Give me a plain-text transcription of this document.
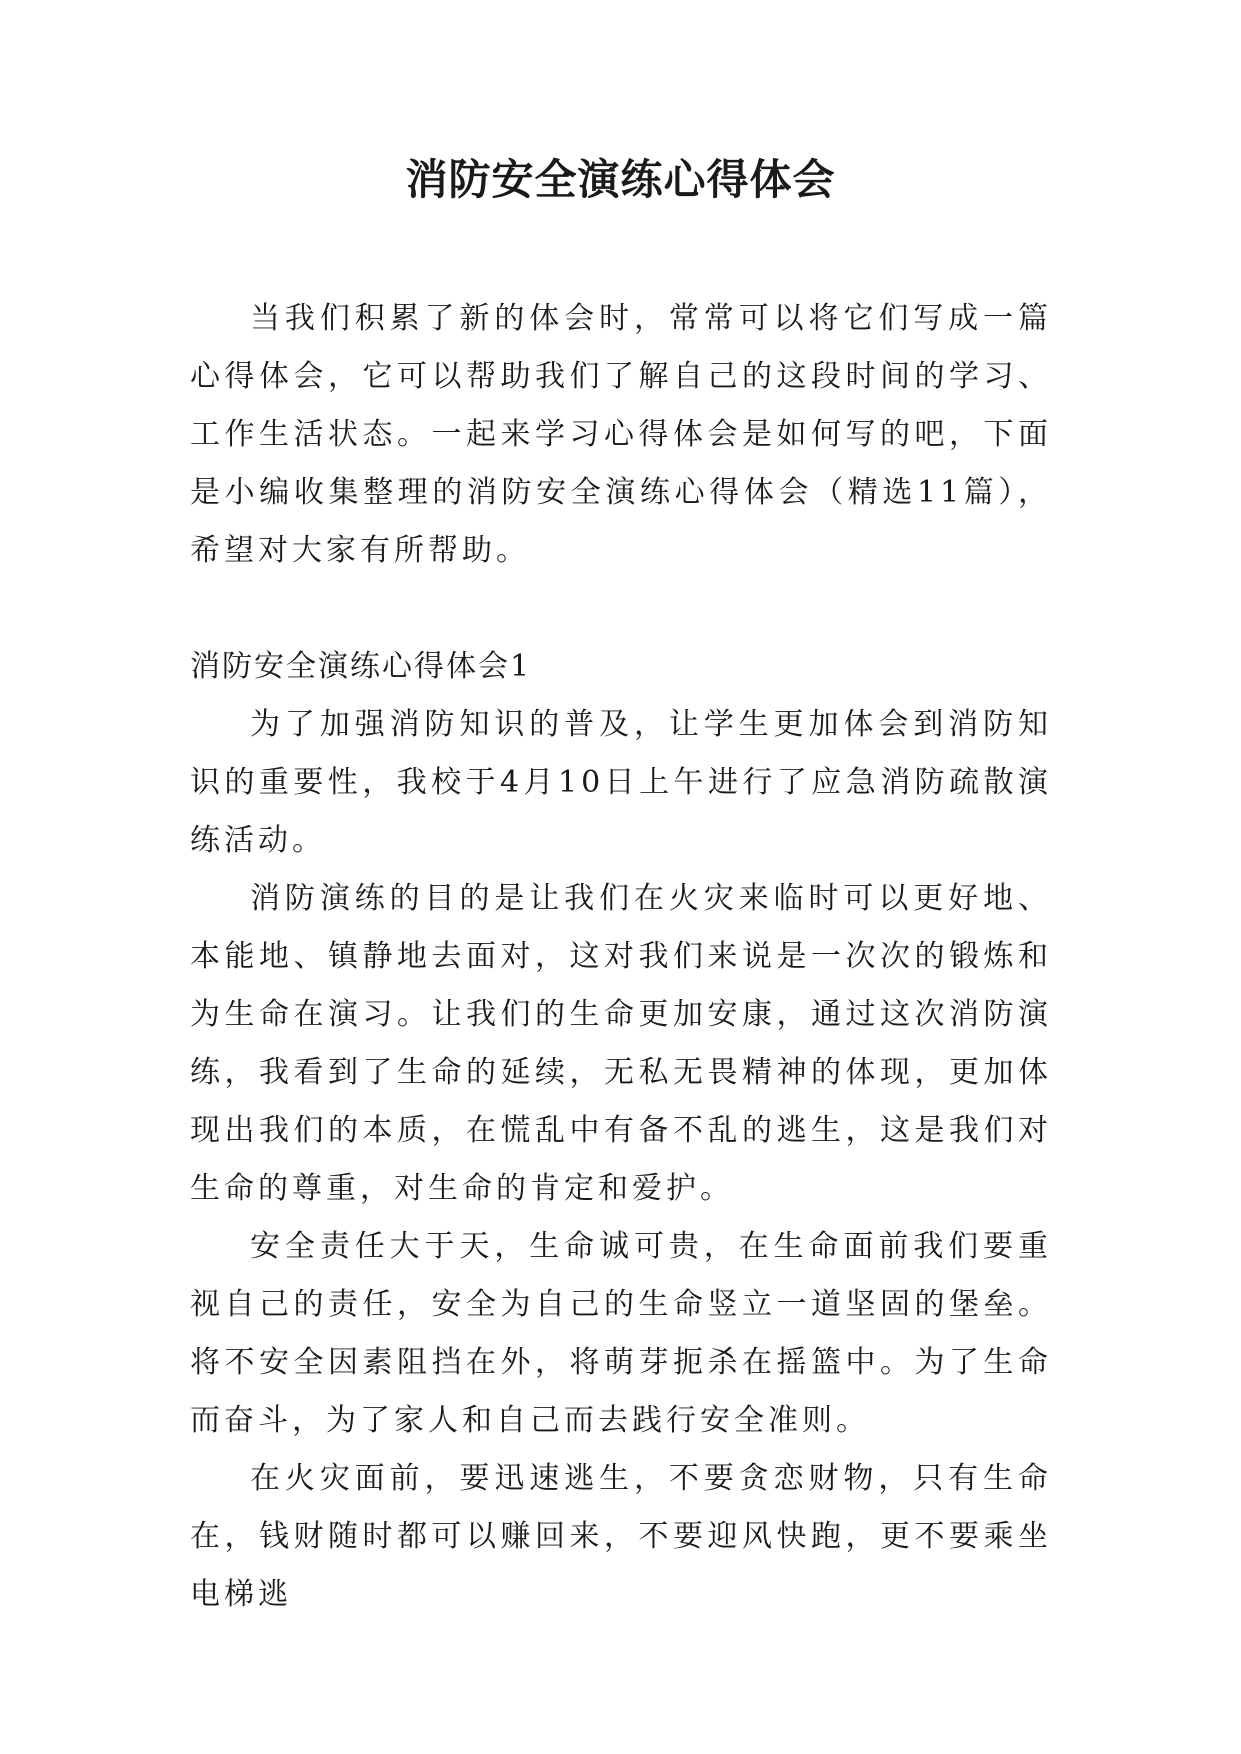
消防安全演练心得体会

当我们积累了新的体会时，常常可以将它们写成一篇心得体会，它可以帮助我们了解自己的这段时间的学习、工作生活状态。一起来学习心得体会是如何写的吧，下面是小编收集整理的消防安全演练心得体会（精选11篇），希望对大家有所帮助。

消防安全演练心得体会1

为了加强消防知识的普及，让学生更加体会到消防知识的重要性，我校于4月10日上午进行了应急消防疏散演练活动。

消防演练的目的是让我们在火灾来临时可以更好地、本能地、镇静地去面对，这对我们来说是一次次的锻炼和为生命在演习。让我们的生命更加安康，通过这次消防演练，我看到了生命的延续，无私无畏精神的体现，更加体现出我们的本质，在慌乱中有备不乱的逃生，这是我们对生命的尊重，对生命的肯定和爱护。

安全责任大于天，生命诚可贵，在生命面前我们要重视自己的责任，安全为自己的生命竖立一道坚固的堡垒。将不安全因素阻挡在外，将萌芽扼杀在摇篮中。为了生命而奋斗，为了家人和自己而去践行安全准则。

在火灾面前，要迅速逃生，不要贪恋财物，只有生命在，钱财随时都可以赚回来，不要迎风快跑，更不要乘坐电梯逃
